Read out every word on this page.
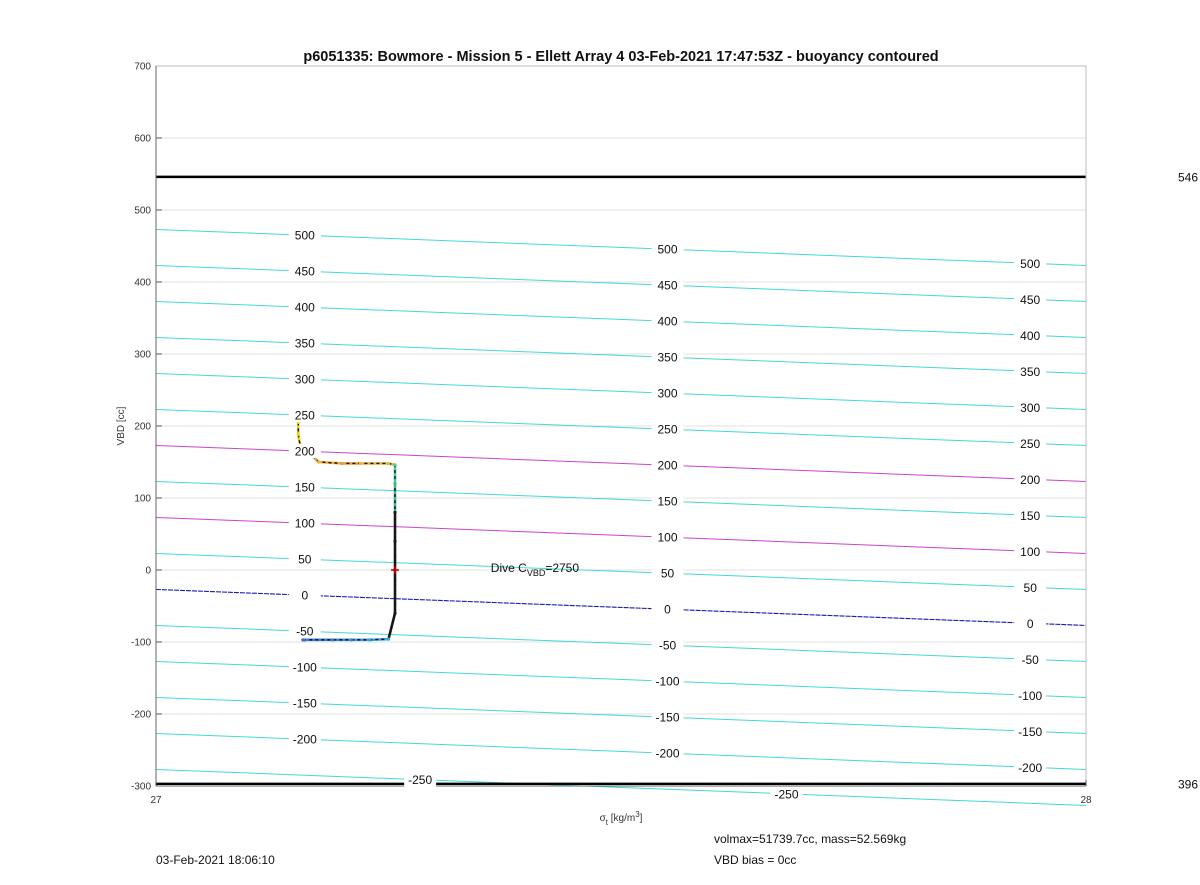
p6051335: Bowmore - Mission 5 - Ellett Array 4 03-Feb-2021 17:47:53Z - buoyancy contoured
546
396
Dive $C_{VBD}=2750$
-300
-200
-100
0
100
200
300
400
500
600
700
27	28
-250
-250
-200
-200
-200
-150
-150
-150
-100
-100
-100
-50
-50
-50
0
0
0
50
50
50
100
100
100
150
150
150
200
200
200
250
250
250
300
300
300
350
350
350
400
400
400
450
450
450
500
500
500
VBD [cc]
$\sigma_t$ $[kg/m^3]$
03-Feb-2021 18:06:10
volmax=51739.7cc, mass=52.569kg
VBD bias = 0cc
